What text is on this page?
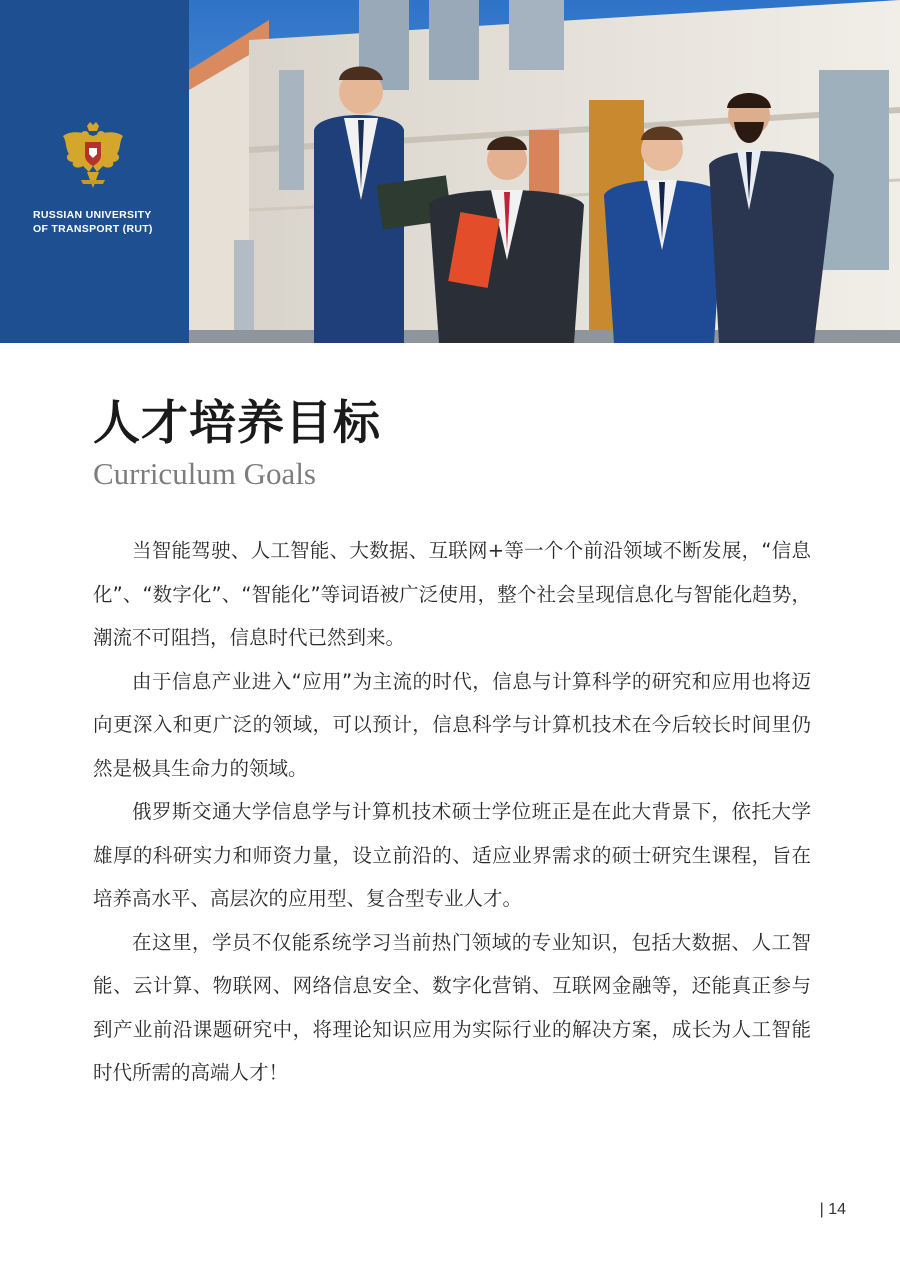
RUSSIAN UNIVERSITY
OF TRANSPORT (RUT)
人才培养目标
Curriculum Goals

当智能驾驶、人工智能、大数据、互联网+等一个个前沿领域不断发展，“信息化”、“数字化”、“智能化”等词语被广泛使用，整个社会呈现信息化与智能化趋势，潮流不可阻挡，信息时代已然到来。

由于信息产业进入“应用”为主流的时代，信息与计算科学的研究和应用也将迈向更深入和更广泛的领域，可以预计，信息科学与计算机技术在今后较长时间里仍然是极具生命力的领域。

俄罗斯交通大学信息学与计算机技术硕士学位班正是在此大背景下，依托大学雄厚的科研实力和师资力量，设立前沿的、适应业界需求的硕士研究生课程，旨在培养高水平、高层次的应用型、复合型专业人才。

在这里，学员不仅能系统学习当前热门领域的专业知识，包括大数据、人工智能、云计算、物联网、网络信息安全、数字化营销、互联网金融等，还能真正参与到产业前沿课题研究中，将理论知识应用为实际行业的解决方案，成长为人工智能时代所需的高端人才！

| 14
